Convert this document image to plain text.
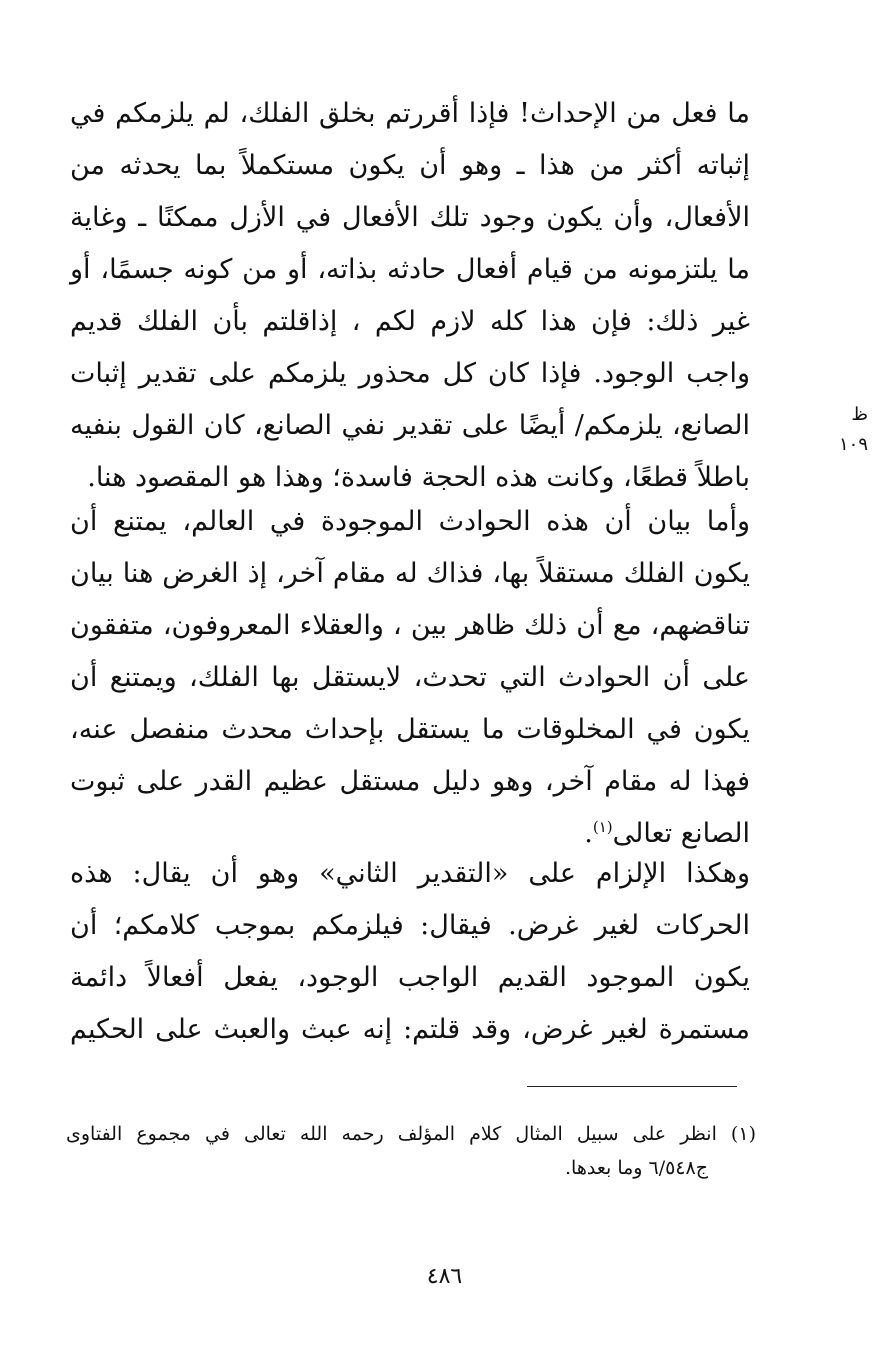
ظ ١٠٩
ما فعل من الإحداث! فإذا أقررتم بخلق الفلك، لم يلزمكم في
إثباته أكثر من هذا ـ وهو أن يكون مستكملاً بما يحدثه من
الأفعال، وأن يكون وجود تلك الأفعال في الأزل ممكنًا ـ وغاية
ما يلتزمونه من قيام أفعال حادثه بذاته، أو من كونه جسمًا، أو
غير ذلك: فإن هذا كله لازم لكم ، إذاقلتم بأن الفلك قديم
واجب الوجود. فإذا كان كل محذور يلزمكم على تقدير إثبات
الصانع، يلزمكم/ أيضًا على تقدير نفي الصانع، كان القول بنفيه
باطلاً قطعًا، وكانت هذه الحجة فاسدة؛ وهذا هو المقصود هنا.
وأما بيان أن هذه الحوادث الموجودة في العالم، يمتنع أن
يكون الفلك مستقلاً بها، فذاك له مقام آخر، إذ الغرض هنا بيان
تناقضهم، مع أن ذلك ظاهر بين ، والعقلاء المعروفون، متفقون
على أن الحوادث التي تحدث، لايستقل بها الفلك، ويمتنع أن
يكون في المخلوقات ما يستقل بإحداث محدث منفصل عنه،
فهذا له مقام آخر، وهو دليل مستقل عظيم القدر على ثبوت
الصانع تعالى$^{(١)}$.
وهكذا الإلزام على «التقدير الثاني» وهو أن يقال: هذه
الحركات لغير غرض. فيقال: فيلزمكم بموجب كلامكم؛ أن
يكون الموجود القديم الواجب الوجود، يفعل أفعالاً دائمة
مستمرة لغير غرض، وقد قلتم: إنه عبث والعبث على الحكيم
(١) انظر على سبيل المثال كلام المؤلف رحمه الله تعالى في مجموع الفتاوى
ج٦/٥٤٨ وما بعدها.
٤٨٦
